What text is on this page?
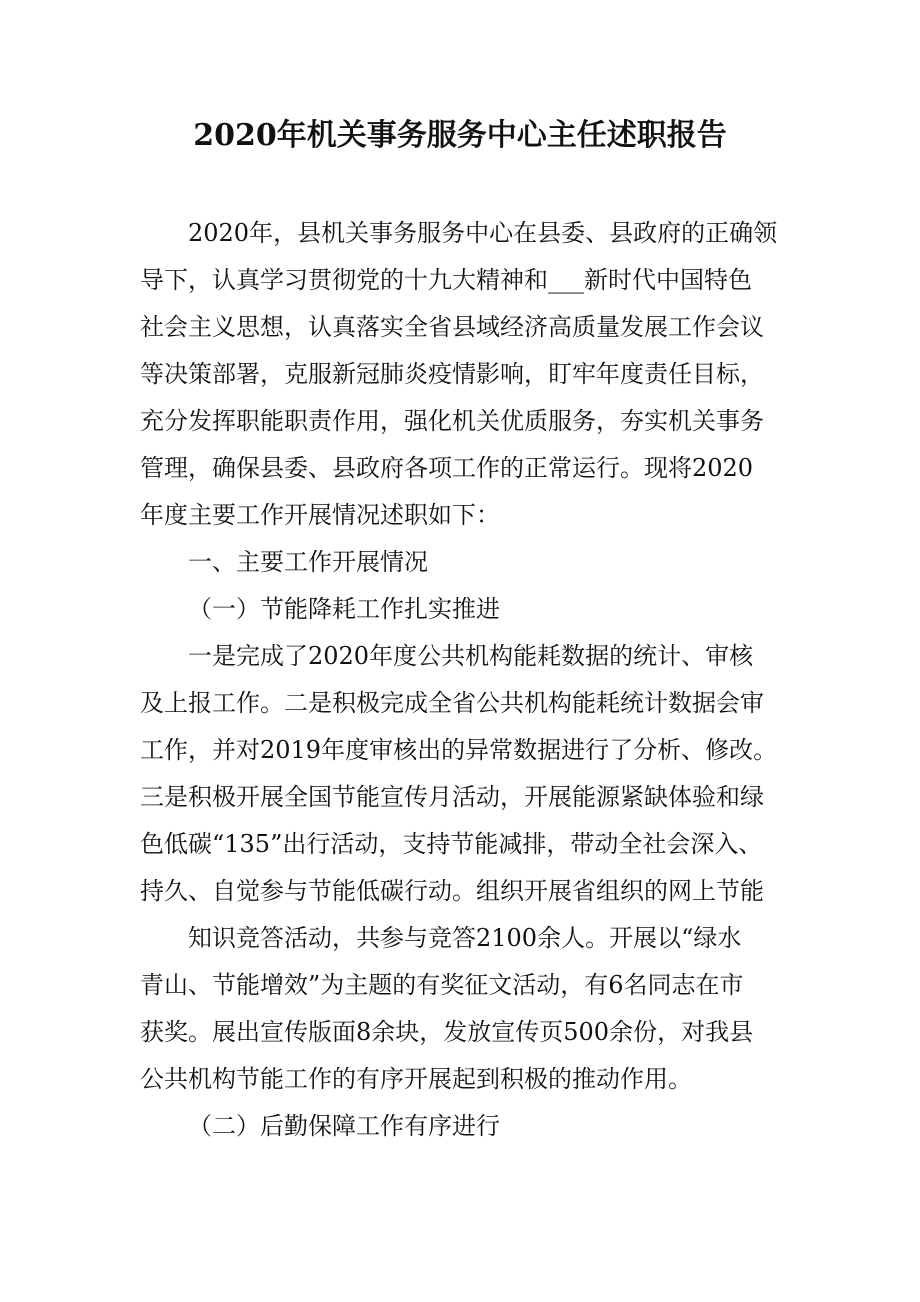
2020年机关事务服务中心主任述职报告
2020年，县机关事务服务中心在县委、县政府的正确领
导下，认真学习贯彻党的十九大精神和___新时代中国特色
社会主义思想，认真落实全省县域经济高质量发展工作会议
等决策部署，克服新冠肺炎疫情影响，盯牢年度责任目标，
充分发挥职能职责作用，强化机关优质服务，夯实机关事务
管理，确保县委、县政府各项工作的正常运行。现将2020
年度主要工作开展情况述职如下：
一、主要工作开展情况
（一）节能降耗工作扎实推进
一是完成了2020年度公共机构能耗数据的统计、审核
及上报工作。二是积极完成全省公共机构能耗统计数据会审
工作，并对2019年度审核出的异常数据进行了分析、修改。
三是积极开展全国节能宣传月活动，开展能源紧缺体验和绿
色低碳“135”出行活动，支持节能减排，带动全社会深入、
持久、自觉参与节能低碳行动。组织开展省组织的网上节能
知识竞答活动，共参与竞答2100余人。开展以“绿水
青山、节能增效”为主题的有奖征文活动，有6名同志在市
获奖。展出宣传版面8余块，发放宣传页500余份，对我县
公共机构节能工作的有序开展起到积极的推动作用。
（二）后勤保障工作有序进行
